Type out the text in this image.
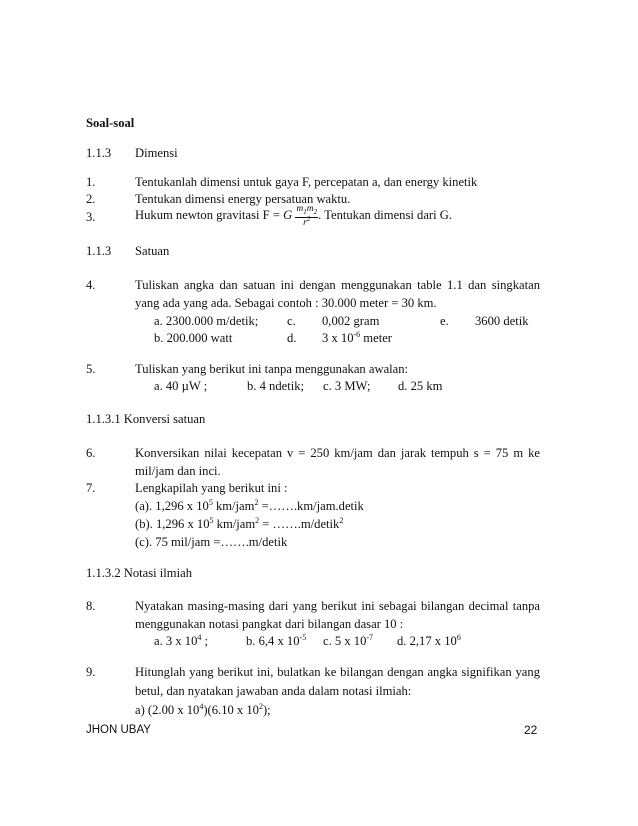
Soal-soal
1.1.3 Dimensi
1.	Tentukanlah dimensi untuk gaya F, percepatan a, dan energy kinetik
2.	Tentukan dimensi energy persatuan waktu.
3.	Hukum newton gravitasi F = G $\frac{m_1m_2}{r^2}$ . Tentukan dimensi dari G.
1.1.3 Satuan
4.	Tuliskan angka dan satuan ini dengan menggunakan table 1.1 dan singkatan
yang ada yang ada. Sebagai contoh : 30.000 meter = 30 km.
a. 2300.000 m/detik; c. 0,002 gram	e. 3600 detik
b. 200.000 watt	d. 3 x $10^{-6}$ meter
5.	Tuliskan yang berikut ini tanpa menggunakan awalan:
a. 40 µW ;	b. 4 ndetik; c. 3 MW; d. 25 km
1.1.3.1 Konversi satuan
6.	Konversikan nilai kecepatan v = 250 km/jam dan jarak tempuh s = 75 m ke
mil/jam dan inci.
7.	Lengkapilah yang berikut ini :
(a). 1,296 x $10^5$ km/jam$^2$ =…….km/jam.detik
(b). 1,296 x $10^5$ km/jam$^2$ = …….m/detik$^2$
(c). 75 mil/jam =…….m/detik
1.1.3.2 Notasi ilmiah
8.	Nyatakan masing-masing dari yang berikut ini sebagai bilangan decimal tanpa
menggunakan notasi pangkat dari bilangan dasar 10 :
a. 3 x $10^4$ ;	b. 6,4 x $10^{-5}$ c. 5 x $10^{-7}$ d. 2,17 x $10^6$
9.	Hitunglah yang berikut ini, bulatkan ke bilangan dengan angka signifikan yang
betul, dan nyatakan jawaban anda dalam notasi ilmiah:
a) (2.00 x $10^4)(6.10$ x $10^2$);
JHON UBAY	22
